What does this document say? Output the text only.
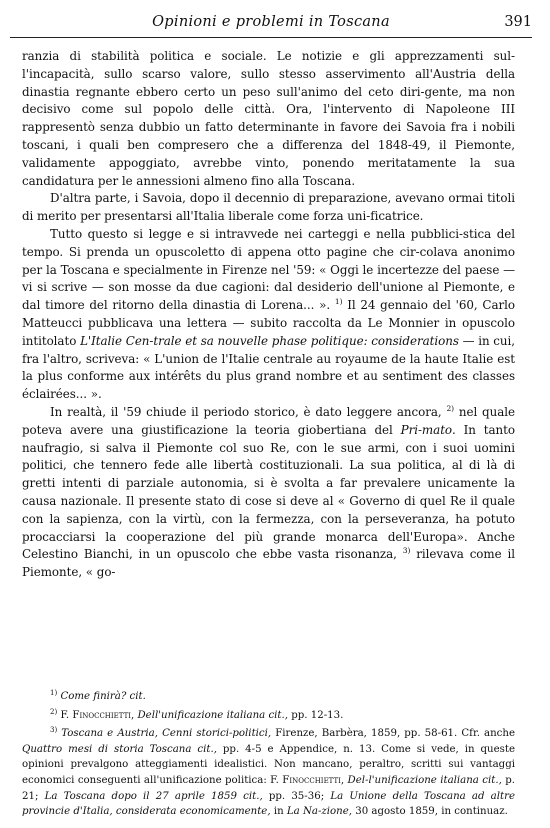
Opinioni e problemi in Toscana	391

ranzia di stabilità politica e sociale. Le notizie e gli apprezzamenti sul-l'incapacità, sullo scarso valore, sullo stesso asservimento all'Austria della dinastia regnante ebbero certo un peso sull'animo del ceto diri-gente, ma non decisivo come sul popolo delle città. Ora, l'intervento di Napoleone III rappresentò senza dubbio un fatto determinante in favore dei Savoia fra i nobili toscani, i quali ben compresero che a differenza del 1848-49, il Piemonte, validamente appoggiato, avrebbe vinto, ponendo meritatamente la sua candidatura per le annessioni almeno fino alla Toscana.

D'altra parte, i Savoia, dopo il decennio di preparazione, avevano ormai titoli di merito per presentarsi all'Italia liberale come forza uni-ficatrice.

Tutto questo si legge e si intravvede nei carteggi e nella pubblici-stica del tempo. Si prenda un opuscoletto di appena otto pagine che cir-colava anonimo per la Toscana e specialmente in Firenze nel '59: « Oggi le incertezze del paese — vi si scrive — son mosse da due cagioni: dal desiderio dell'unione al Piemonte, e dal timore del ritorno della dinastia di Lorena... ». $^{1)}$ Il 24 gennaio del '60, Carlo Matteucci pubblicava una lettera — subito raccolta da Le Monnier in opuscolo intitolato L'Italie Cen-trale et sa nouvelle phase politique: considerations — in cui, fra l'altro, scriveva: « L'union de l'Italie centrale au royaume de la haute Italie est la plus conforme aux intérêts du plus grand nombre et au sentiment des classes éclairées... ».

In realtà, il '59 chiude il periodo storico, è dato leggere ancora, $^{2)}$ nel quale poteva avere una giustificazione la teoria giobertiana del Pri-mato. In tanto naufragio, si salva il Piemonte col suo Re, con le sue armi, con i suoi uomini politici, che tennero fede alle libertà costituzionali. La sua politica, al di là di gretti intenti di parziale autonomia, si è svolta a far prevalere unicamente la causa nazionale. Il presente stato di cose si deve al « Governo di quel Re il quale con la sapienza, con la virtù, con la fermezza, con la perseveranza, ha potuto procacciarsi la cooperazione del più grande monarca dell'Europa». Anche Celestino Bianchi, in un opuscolo che ebbe vasta risonanza, $^{3)}$ rilevava come il Piemonte, « go-

$^{1)}$ Come finirà? cit.

$^{2)}$ F. Finocchietti, Dell'unificazione italiana cit., pp. 12-13.

$^{3)}$ Toscana e Austria, Cenni storici-politici, Firenze, Barbèra, 1859, pp. 58-61. Cfr. anche Quattro mesi di storia Toscana cit., pp. 4-5 e Appendice, n. 13. Come si vede, in queste opinioni prevalgono atteggiamenti idealistici. Non mancano, peraltro, scritti sui vantaggi economici conseguenti all'unificazione politica: F. Finocchietti, Del-l'unificazione italiana cit., p. 21; La Toscana dopo il 27 aprile 1859 cit., pp. 35-36; La Unione della Toscana ad altre provincie d'Italia, considerata economicamente, in La Na-zione, 30 agosto 1859, in continuaz.
